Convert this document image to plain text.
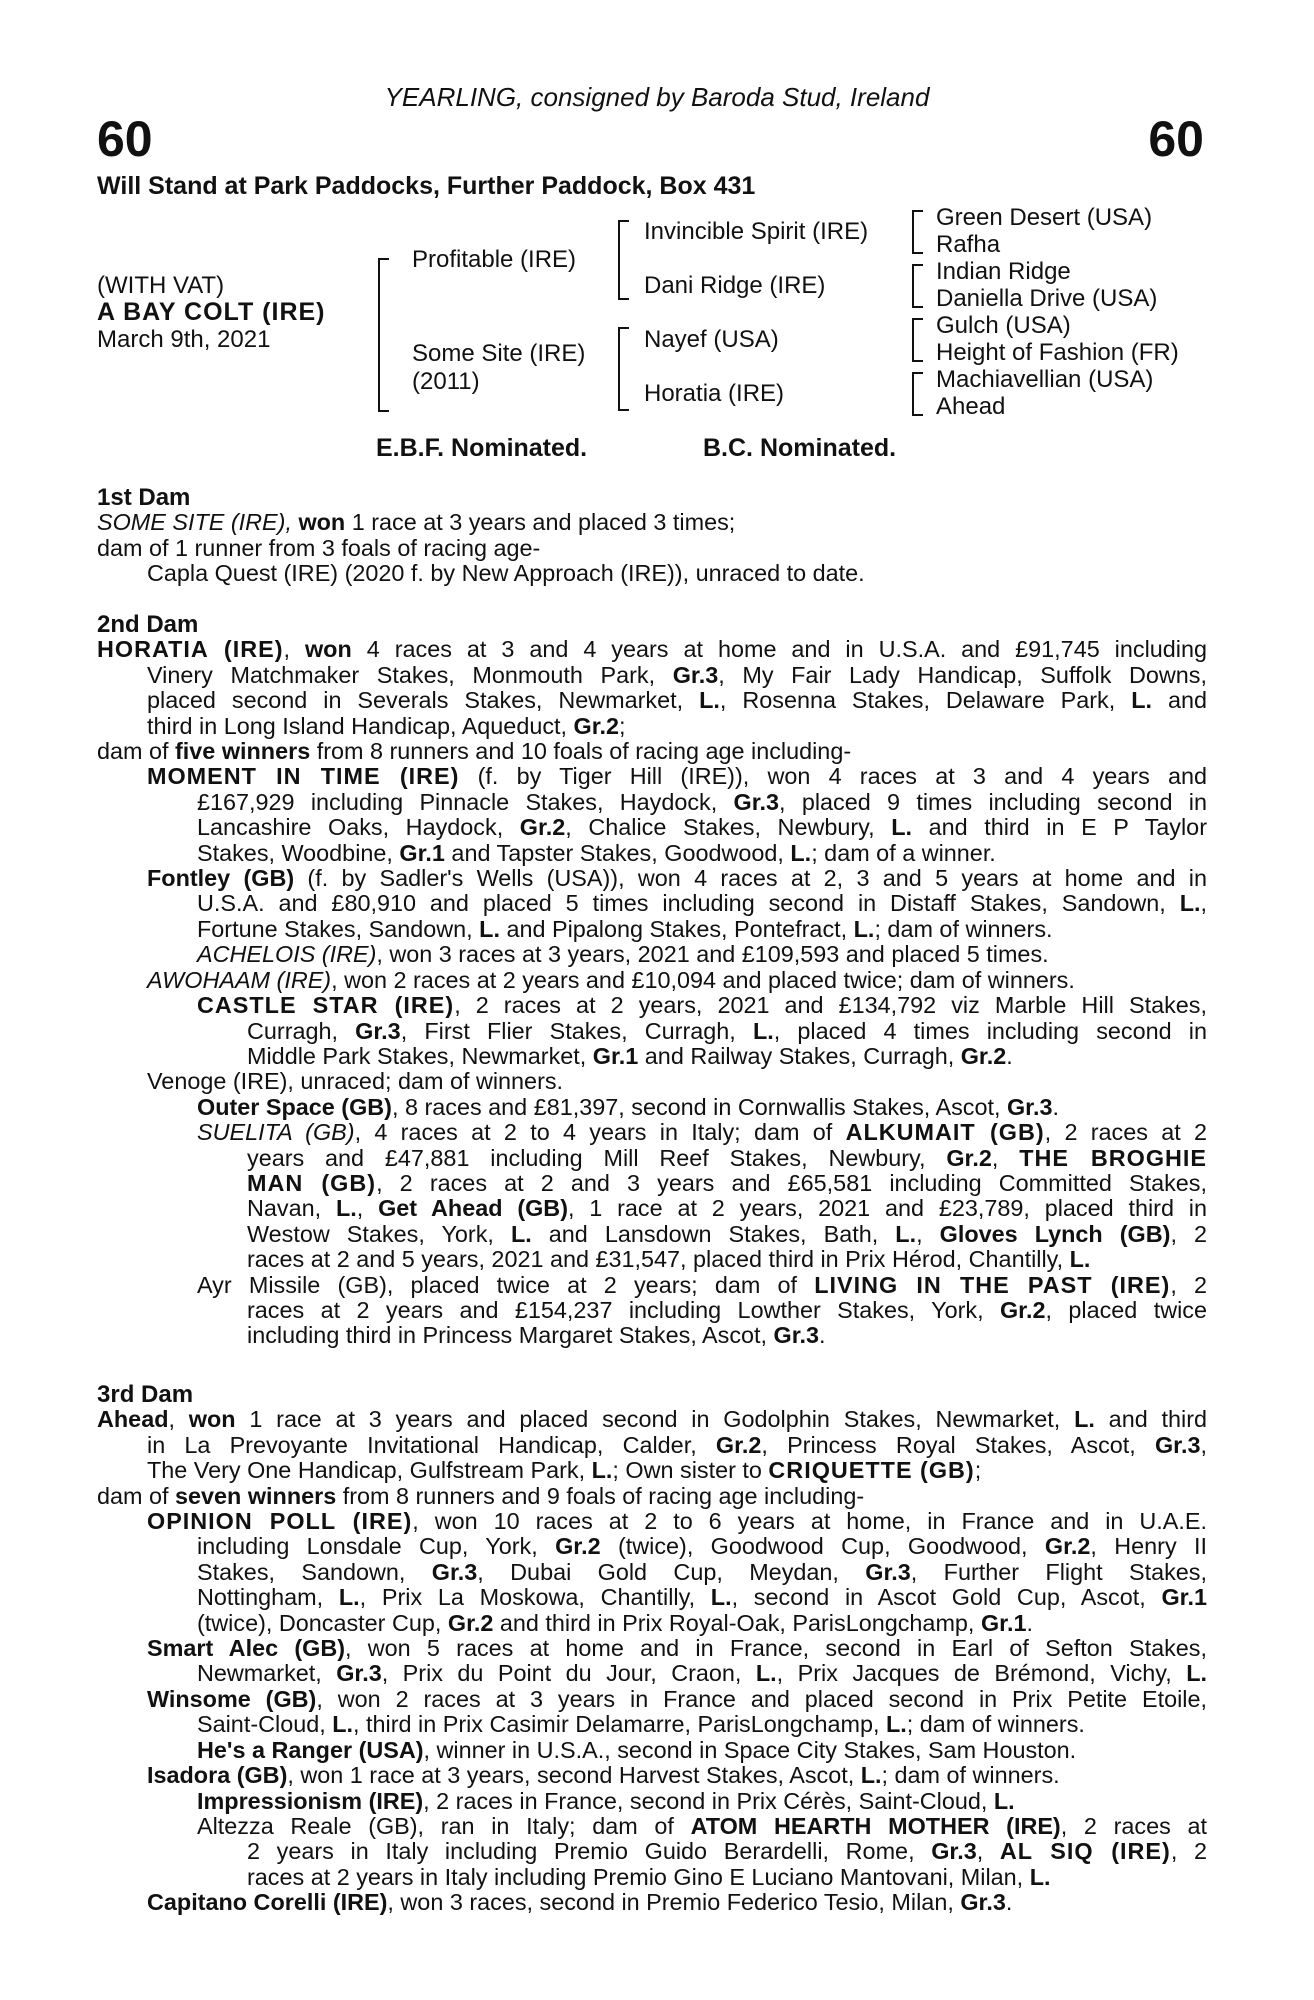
YEARLING, consigned by Baroda Stud, Ireland
60	60
Will Stand at Park Paddocks, Further Paddock, Box 431
(WITH VAT)
A BAY COLT (IRE)
March 9th, 2021
Profitable (IRE)
Some Site (IRE)
(2011)
Invincible Spirit (IRE)
Dani Ridge (IRE)
Nayef (USA)
Horatia (IRE)
Green Desert (USA)
Rafha
Indian Ridge
Daniella Drive (USA)
Gulch (USA)
Height of Fashion (FR)
Machiavellian (USA)
Ahead
E.B.F. Nominated.	B.C. Nominated.
1st Dam
SOME SITE (IRE), won 1 race at 3 years and placed 3 times;
dam of 1 runner from 3 foals of racing age-
Capla Quest (IRE) (2020 f. by New Approach (IRE)), unraced to date.
2nd Dam
HORATIA (IRE), won 4 races at 3 and 4 years at home and in U.S.A. and £91,745 including
Vinery Matchmaker Stakes, Monmouth Park, Gr.3, My Fair Lady Handicap, Suffolk Downs,
placed second in Severals Stakes, Newmarket, L., Rosenna Stakes, Delaware Park, L. and
third in Long Island Handicap, Aqueduct, Gr.2;
dam of five winners from 8 runners and 10 foals of racing age including-
MOMENT IN TIME (IRE) (f. by Tiger Hill (IRE)), won 4 races at 3 and 4 years and
£167,929 including Pinnacle Stakes, Haydock, Gr.3, placed 9 times including second in
Lancashire Oaks, Haydock, Gr.2, Chalice Stakes, Newbury, L. and third in E P Taylor
Stakes, Woodbine, Gr.1 and Tapster Stakes, Goodwood, L.; dam of a winner.
Fontley (GB) (f. by Sadler's Wells (USA)), won 4 races at 2, 3 and 5 years at home and in
U.S.A. and £80,910 and placed 5 times including second in Distaff Stakes, Sandown, L.,
Fortune Stakes, Sandown, L. and Pipalong Stakes, Pontefract, L.; dam of winners.
ACHELOIS (IRE), won 3 races at 3 years, 2021 and £109,593 and placed 5 times.
AWOHAAM (IRE), won 2 races at 2 years and £10,094 and placed twice; dam of winners.
CASTLE STAR (IRE), 2 races at 2 years, 2021 and £134,792 viz Marble Hill Stakes,
Curragh, Gr.3, First Flier Stakes, Curragh, L., placed 4 times including second in
Middle Park Stakes, Newmarket, Gr.1 and Railway Stakes, Curragh, Gr.2.
Venoge (IRE), unraced; dam of winners.
Outer Space (GB), 8 races and £81,397, second in Cornwallis Stakes, Ascot, Gr.3.
SUELITA (GB), 4 races at 2 to 4 years in Italy; dam of ALKUMAIT (GB), 2 races at 2
years and £47,881 including Mill Reef Stakes, Newbury, Gr.2, THE BROGHIE
MAN (GB), 2 races at 2 and 3 years and £65,581 including Committed Stakes,
Navan, L., Get Ahead (GB), 1 race at 2 years, 2021 and £23,789, placed third in
Westow Stakes, York, L. and Lansdown Stakes, Bath, L., Gloves Lynch (GB), 2
races at 2 and 5 years, 2021 and £31,547, placed third in Prix Hérod, Chantilly, L.
Ayr Missile (GB), placed twice at 2 years; dam of LIVING IN THE PAST (IRE), 2
races at 2 years and £154,237 including Lowther Stakes, York, Gr.2, placed twice
including third in Princess Margaret Stakes, Ascot, Gr.3.
3rd Dam
Ahead, won 1 race at 3 years and placed second in Godolphin Stakes, Newmarket, L. and third
in La Prevoyante Invitational Handicap, Calder, Gr.2, Princess Royal Stakes, Ascot, Gr.3,
The Very One Handicap, Gulfstream Park, L.; Own sister to CRIQUETTE (GB);
dam of seven winners from 8 runners and 9 foals of racing age including-
OPINION POLL (IRE), won 10 races at 2 to 6 years at home, in France and in U.A.E.
including Lonsdale Cup, York, Gr.2 (twice), Goodwood Cup, Goodwood, Gr.2, Henry II
Stakes, Sandown, Gr.3, Dubai Gold Cup, Meydan, Gr.3, Further Flight Stakes,
Nottingham, L., Prix La Moskowa, Chantilly, L., second in Ascot Gold Cup, Ascot, Gr.1
(twice), Doncaster Cup, Gr.2 and third in Prix Royal-Oak, ParisLongchamp, Gr.1.
Smart Alec (GB), won 5 races at home and in France, second in Earl of Sefton Stakes,
Newmarket, Gr.3, Prix du Point du Jour, Craon, L., Prix Jacques de Brémond, Vichy, L.
Winsome (GB), won 2 races at 3 years in France and placed second in Prix Petite Etoile,
Saint-Cloud, L., third in Prix Casimir Delamarre, ParisLongchamp, L.; dam of winners.
He's a Ranger (USA), winner in U.S.A., second in Space City Stakes, Sam Houston.
Isadora (GB), won 1 race at 3 years, second Harvest Stakes, Ascot, L.; dam of winners.
Impressionism (IRE), 2 races in France, second in Prix Cérès, Saint-Cloud, L.
Altezza Reale (GB), ran in Italy; dam of ATOM HEARTH MOTHER (IRE), 2 races at
2 years in Italy including Premio Guido Berardelli, Rome, Gr.3, AL SIQ (IRE), 2
races at 2 years in Italy including Premio Gino E Luciano Mantovani, Milan, L.
Capitano Corelli (IRE), won 3 races, second in Premio Federico Tesio, Milan, Gr.3.
